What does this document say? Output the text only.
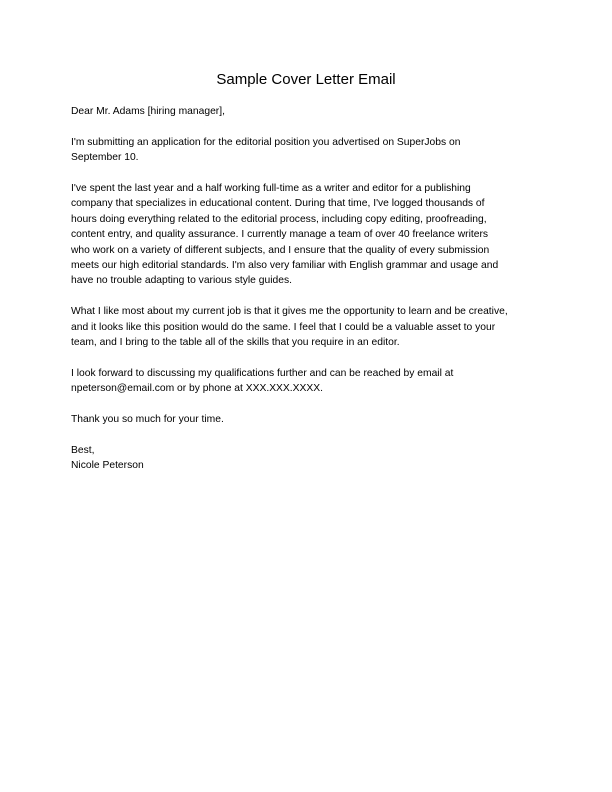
Sample Cover Letter Email

Dear Mr. Adams [hiring manager],

I'm submitting an application for the editorial position you advertised on SuperJobs on
September 10.

I've spent the last year and a half working full-time as a writer and editor for a publishing
company that specializes in educational content. During that time, I've logged thousands of
hours doing everything related to the editorial process, including copy editing, proofreading,
content entry, and quality assurance. I currently manage a team of over 40 freelance writers
who work on a variety of different subjects, and I ensure that the quality of every submission
meets our high editorial standards. I'm also very familiar with English grammar and usage and
have no trouble adapting to various style guides.

What I like most about my current job is that it gives me the opportunity to learn and be creative,
and it looks like this position would do the same. I feel that I could be a valuable asset to your
team, and I bring to the table all of the skills that you require in an editor.

I look forward to discussing my qualifications further and can be reached by email at
npeterson@email.com or by phone at XXX.XXX.XXXX.

Thank you so much for your time.

Best,
Nicole Peterson
